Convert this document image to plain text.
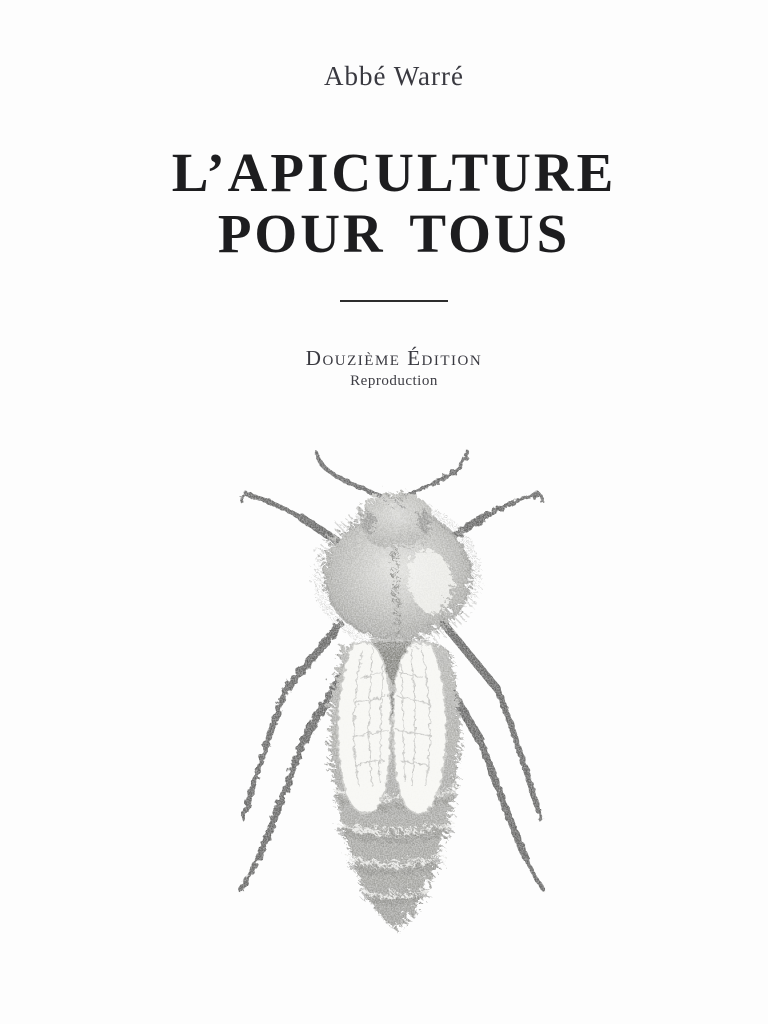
Abbé Warré
L’APICULTURE
POUR TOUS
Douzième Édition
Reproduction
